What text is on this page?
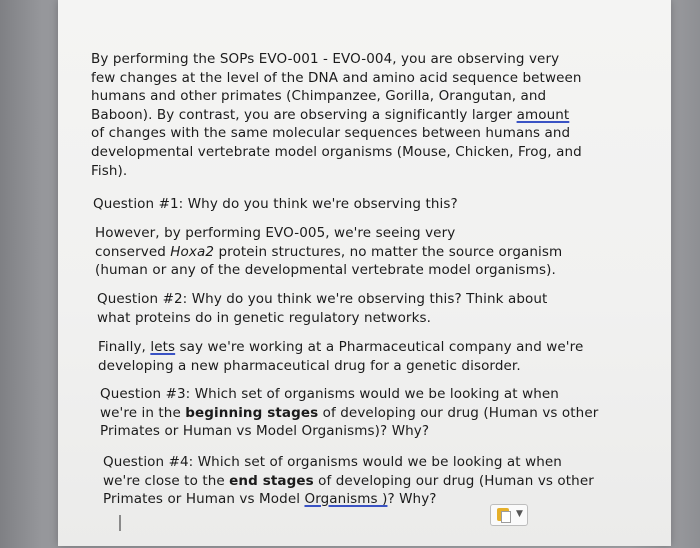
By performing the SOPs EVO-001 - EVO-004, you are observing very
few changes at the level of the DNA and amino acid sequence between
humans and other primates (Chimpanzee, Gorilla, Orangutan, and
Baboon). By contrast, you are observing a significantly larger amount
of changes with the same molecular sequences between humans and
developmental vertebrate model organisms (Mouse, Chicken, Frog, and
Fish).
Question #1: Why do you think we're observing this?
However, by performing EVO-005, we're seeing very
conserved Hoxa2 protein structures, no matter the source organism
(human or any of the developmental vertebrate model organisms).
Question #2: Why do you think we're observing this? Think about
what proteins do in genetic regulatory networks.
Finally, lets say we're working at a Pharmaceutical company and we're
developing a new pharmaceutical drug for a genetic disorder.
Question #3: Which set of organisms would we be looking at when
we're in the beginning stages of developing our drug (Human vs other
Primates or Human vs Model Organisms)? Why?
Question #4: Which set of organisms would we be looking at when
we're close to the end stages of developing our drug (Human vs other
Primates or Human vs Model Organisms )? Why?
▼
